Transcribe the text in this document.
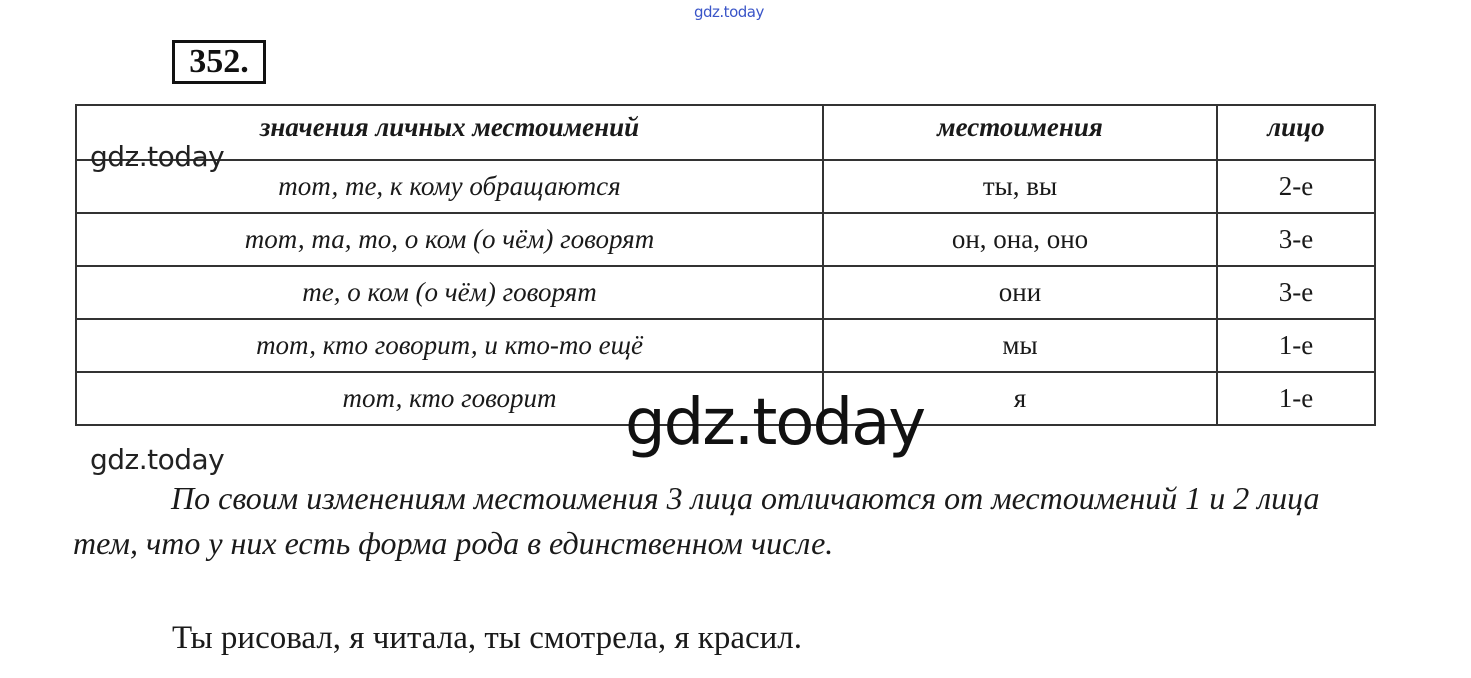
gdz.today
352.
значения личных местоимений	местоимения	лицо
тот, те, к кому обращаются	ты, вы	2-е
тот, та, то, о ком (о чём) говорят	он, она, оно	3-е
те, о ком (о чём) говорят	они	3-е
тот, кто говорит, и кто-то ещё	мы	1-е
тот, кто говорит	я	1-е
gdz.today
gdz.today	gdz.today
По своим изменениям местоимения 3 лица отличаются от местоимений 1 и 2 лица тем, что у них есть форма рода в единственном числе.
Ты рисовал, я читала, ты смотрела, я красил.
